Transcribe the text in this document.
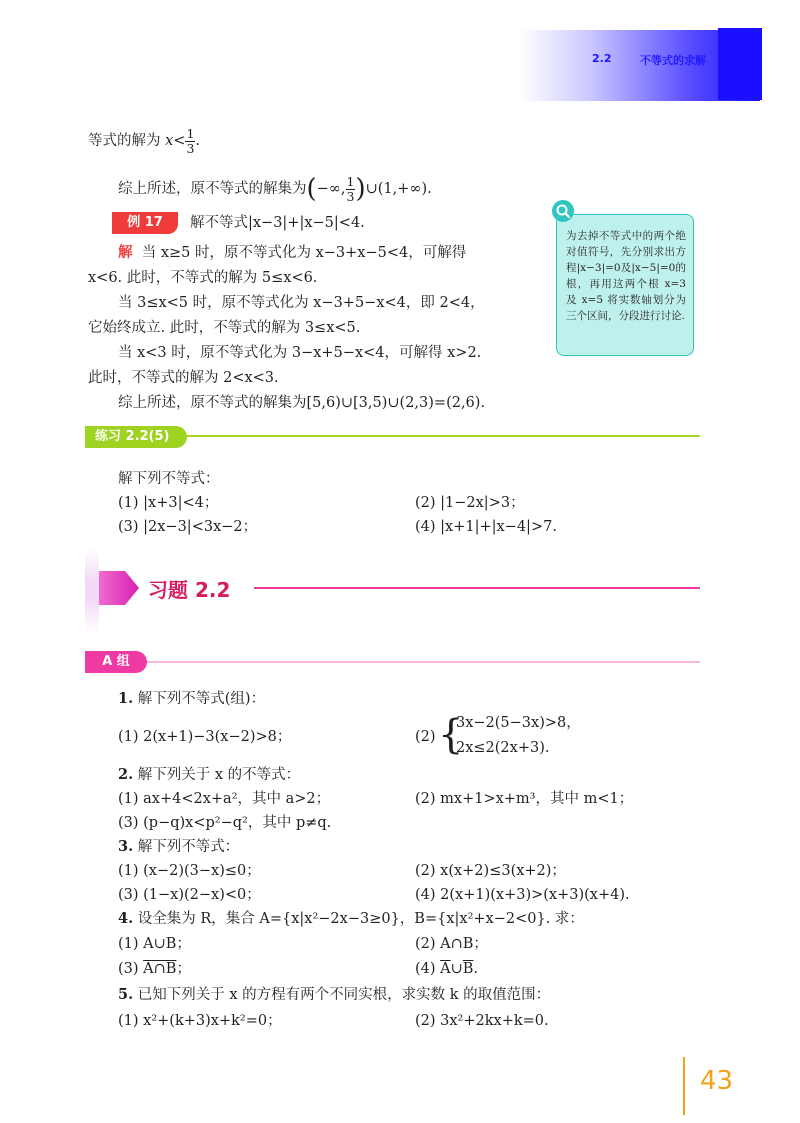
2.2	不等式的求解
等式的解为 $x< \frac{1}{3}$ .
综上所述，原不等式的解集为(−∞, $\frac{1}{3}$ )∪(1,+∞).
例 17	解不等式|x−3|+|x−5|<4.
解 当 x≥5 时，原不等式化为 x−3+x−5<4，可解得
x<6. 此时，不等式的解为 5≤x<6.
当 3≤x<5 时，原不等式化为 x−3+5−x<4，即 2<4，
它始终成立. 此时，不等式的解为 3≤x<5.
当 x<3 时，原不等式化为 3−x+5−x<4，可解得 x>2.
此时，不等式的解为 2<x<3.
综上所述，原不等式的解集为[5,6)∪[3,5)∪(2,3)=(2,6).
为去掉不等式中的两个绝对值符号，先分别求出方程|x−3|=0及|x−5|=0的根，再用这两个根 x=3 及 x=5 将实数轴划分为三个区间，分段进行讨论.
练习 2.2(5)
解下列不等式：
(1) |x+3|<4；	(2) |1−2x|>3；
(3) |2x−3|<3x−2；	(4) |x+1|+|x−4|>7.
习题 2.2
A 组
1. 解下列不等式(组)：
(1) 2(x+1)−3(x−2)>8；	(2) {
3x−2(5−3x)>8，
2x≤2(2x+3).
2. 解下列关于 x 的不等式：
(1) ax+4<2x+a²，其中 a>2；	(2) mx+1>x+m³，其中 m<1；
(3) (p−q)x<p²−q²，其中 p≠q.
3. 解下列不等式：
(1) (x−2)(3−x)≤0；	(2) x(x+2)≤3(x+2)；
(3) (1−x)(2−x)<0；	(4) 2(x+1)(x+3)>(x+3)(x+4).
4. 设全集为 R，集合 A={x|x²−2x−3≥0}，B={x|x²+x−2<0}. 求：
(1) A∪B；	(2) A∩B；
(3) A∩B；	(4) $\overline{A}\cup\overline{B}$.
5. 已知下列关于 x 的方程有两个不同实根，求实数 k 的取值范围：
(1) x²+(k+3)x+k²=0；	(2) 3x²+2kx+k=0.
43
